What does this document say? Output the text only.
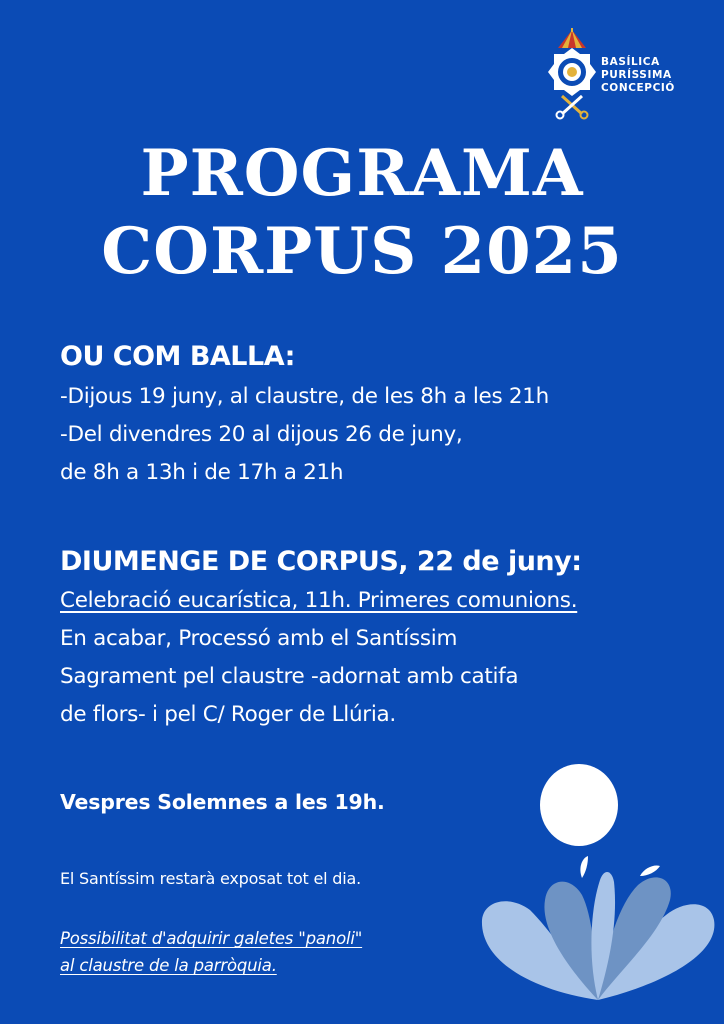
BASÍLICA
PURÍSSIMA
CONCEPCIÓ
PROGRAMA
CORPUS 2025
OU COM BALLA:
-Dijous 19 juny, al claustre, de les 8h a les 21h
-Del divendres 20 al dijous 26 de juny,
de 8h a 13h i de 17h a 21h
DIUMENGE DE CORPUS, 22 de juny:
Celebració eucarística, 11h. Primeres comunions.
En acabar, Processó amb el Santíssim
Sagrament pel claustre -adornat amb catifa
de flors- i pel C/ Roger de Llúria.
Vespres Solemnes a les 19h.
El Santíssim restarà exposat tot el dia.
Possibilitat d'adquirir galetes "panoli"
al claustre de la parròquia.
